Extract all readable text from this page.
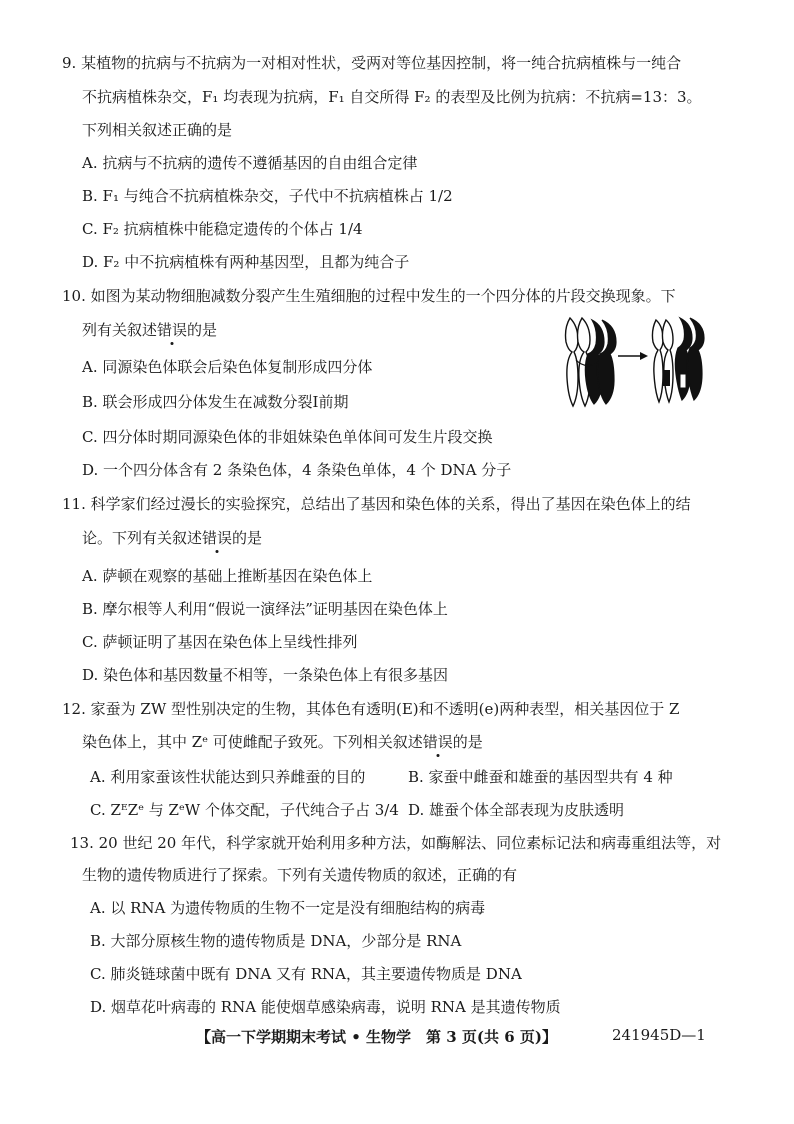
9. 某植物的抗病与不抗病为一对相对性状，受两对等位基因控制，将一纯合抗病植株与一纯合
不抗病植株杂交，F₁ 均表现为抗病，F₁ 自交所得 F₂ 的表型及比例为抗病：不抗病=13：3。
下列相关叙述正确的是
A. 抗病与不抗病的遗传不遵循基因的自由组合定律
B. F₁ 与纯合不抗病植株杂交，子代中不抗病植株占 1/2
C. F₂ 抗病植株中能稳定遗传的个体占 1/4
D. F₂ 中不抗病植株有两种基因型，且都为纯合子
10. 如图为某动物细胞减数分裂产生生殖细胞的过程中发生的一个四分体的片段交换现象。下
列有关叙述错误的是
A. 同源染色体联会后染色体复制形成四分体
B. 联会形成四分体发生在减数分裂Ⅰ前期
C. 四分体时期同源染色体的非姐妹染色单体间可发生片段交换
D. 一个四分体含有 2 条染色体，4 条染色单体，4 个 DNA 分子
11. 科学家们经过漫长的实验探究，总结出了基因和染色体的关系，得出了基因在染色体上的结
论。下列有关叙述错误的是
A. 萨顿在观察的基础上推断基因在染色体上
B. 摩尔根等人利用“假说一演绎法”证明基因在染色体上
C. 萨顿证明了基因在染色体上呈线性排列
D. 染色体和基因数量不相等，一条染色体上有很多基因
12. 家蚕为 ZW 型性别决定的生物，其体色有透明(E)和不透明(e)两种表型，相关基因位于 Z
染色体上，其中 Zᵉ 可使雌配子致死。下列相关叙述错误的是
A. 利用家蚕该性状能达到只养雌蚕的目的	B. 家蚕中雌蚕和雄蚕的基因型共有 4 种
C. ZᴱZᵉ 与 ZᵉW 个体交配，子代纯合子占 3/4 D. 雄蚕个体全部表现为皮肤透明
13. 20 世纪 20 年代，科学家就开始利用多种方法，如酶解法、同位素标记法和病毒重组法等，对
生物的遗传物质进行了探索。下列有关遗传物质的叙述，正确的有
A. 以 RNA 为遗传物质的生物不一定是没有细胞结构的病毒
B. 大部分原核生物的遗传物质是 DNA，少部分是 RNA
C. 肺炎链球菌中既有 DNA 又有 RNA，其主要遗传物质是 DNA
D. 烟草花叶病毒的 RNA 能使烟草感染病毒，说明 RNA 是其遗传物质
【高一下学期期末考试 • 生物学　第 3 页(共 6 页)】	241945D—1
